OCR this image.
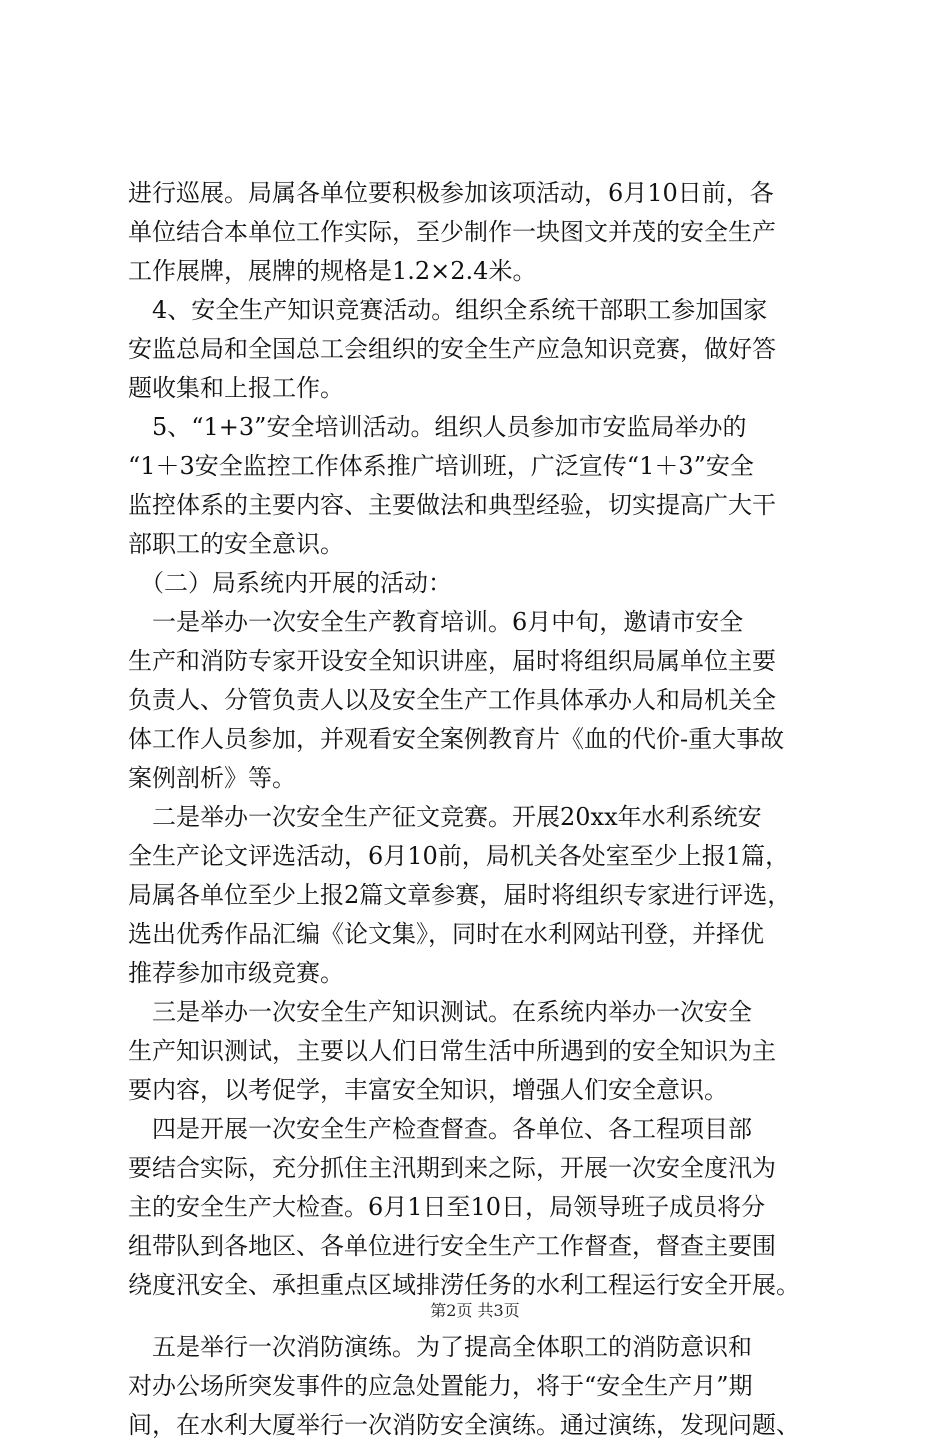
进行巡展。局属各单位要积极参加该项活动，6月10日前，各
单位结合本单位工作实际，至少制作一块图文并茂的安全生产
工作展牌，展牌的规格是1.2×2.4米。
　4、安全生产知识竞赛活动。组织全系统干部职工参加国家
安监总局和全国总工会组织的安全生产应急知识竞赛，做好答
题收集和上报工作。
　5、“1+3”安全培训活动。组织人员参加市安监局举办的
“1＋3安全监控工作体系推广培训班，广泛宣传“1＋3”安全
监控体系的主要内容、主要做法和典型经验，切实提高广大干
部职工的安全意识。
　（二）局系统内开展的活动：
　一是举办一次安全生产教育培训。6月中旬，邀请市安全
生产和消防专家开设安全知识讲座，届时将组织局属单位主要
负责人、分管负责人以及安全生产工作具体承办人和局机关全
体工作人员参加，并观看安全案例教育片《血的代价-重大事故
案例剖析》等。
　二是举办一次安全生产征文竞赛。开展20xx年水利系统安
全生产论文评选活动，6月10前，局机关各处室至少上报1篇，
局属各单位至少上报2篇文章参赛，届时将组织专家进行评选，
选出优秀作品汇编《论文集》，同时在水利网站刊登，并择优
推荐参加市级竞赛。
　三是举办一次安全生产知识测试。在系统内举办一次安全
生产知识测试，主要以人们日常生活中所遇到的安全知识为主
要内容，以考促学，丰富安全知识，增强人们安全意识。
　四是开展一次安全生产检查督查。各单位、各工程项目部
要结合实际，充分抓住主汛期到来之际，开展一次安全度汛为
主的安全生产大检查。6月1日至10日，局领导班子成员将分
组带队到各地区、各单位进行安全生产工作督查，督查主要围
绕度汛安全、承担重点区域排涝任务的水利工程运行安全开展。
　五是举行一次消防演练。为了提高全体职工的消防意识和
对办公场所突发事件的应急处置能力，将于“安全生产月”期
间，在水利大厦举行一次消防安全演练。通过演练，发现问题、
第2页 共3页
